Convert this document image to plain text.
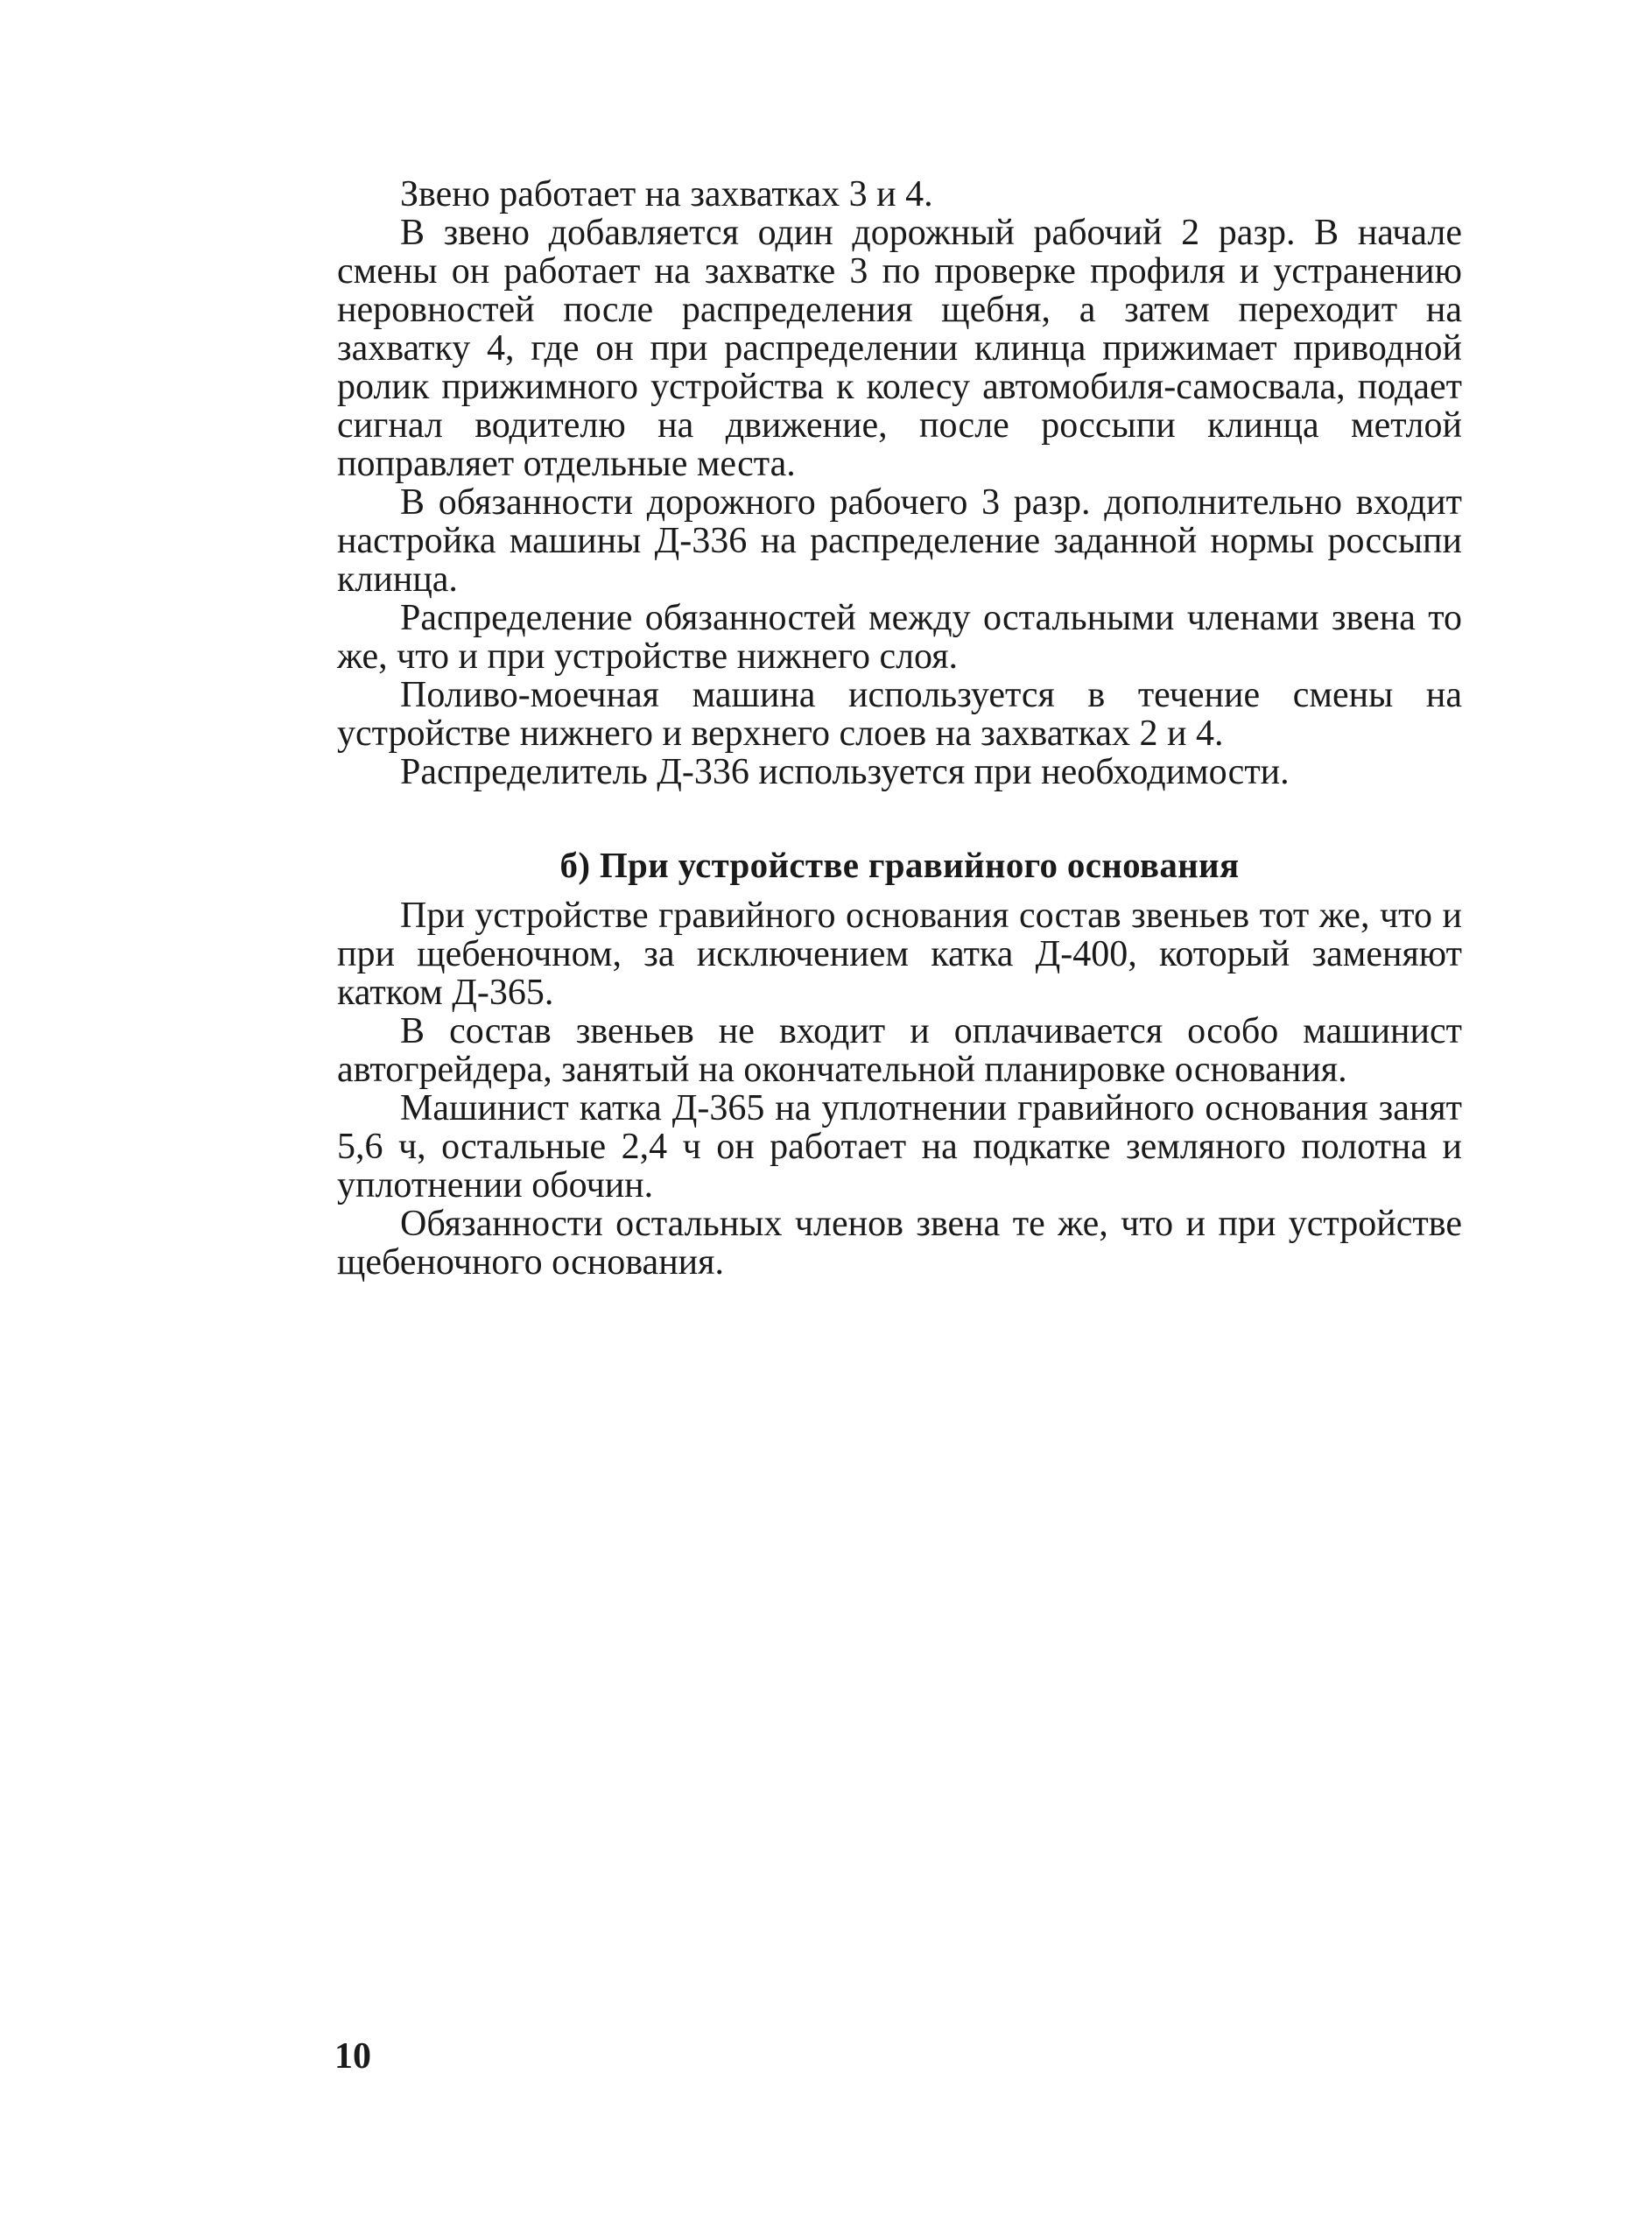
Звено работает на захватках 3 и 4.

В звено добавляется один дорожный рабочий 2 разр. В начале смены он работает на захватке 3 по проверке профиля и устранению неровностей после распределения щебня, а затем переходит на захватку 4, где он при распределении клинца прижимает приводной ролик прижимного устройства к колесу автомобиля-самосвала, подает сигнал водителю на движение, после россыпи клинца метлой поправляет отдельные места.

В обязанности дорожного рабочего 3 разр. дополнительно входит настройка машины Д-336 на распределение заданной нормы россыпи клинца.

Распределение обязанностей между остальными членами звена то же, что и при устройстве нижнего слоя.

Поливо-моечная машина используется в течение смены на устройстве нижнего и верхнего слоев на захватках 2 и 4.

Распределитель Д-336 используется при необходимости.

б) При устройстве гравийного основания

При устройстве гравийного основания состав звеньев тот же, что и при щебеночном, за исключением катка Д-400, который заменяют катком Д-365.

В состав звеньев не входит и оплачивается особо машинист автогрейдера, занятый на окончательной планировке основания.

Машинист катка Д-365 на уплотнении гравийного основания занят 5,6 ч, остальные 2,4 ч он работает на подкатке земляного полотна и уплотнении обочин.

Обязанности остальных членов звена те же, что и при устройстве щебеночного основания.

10
